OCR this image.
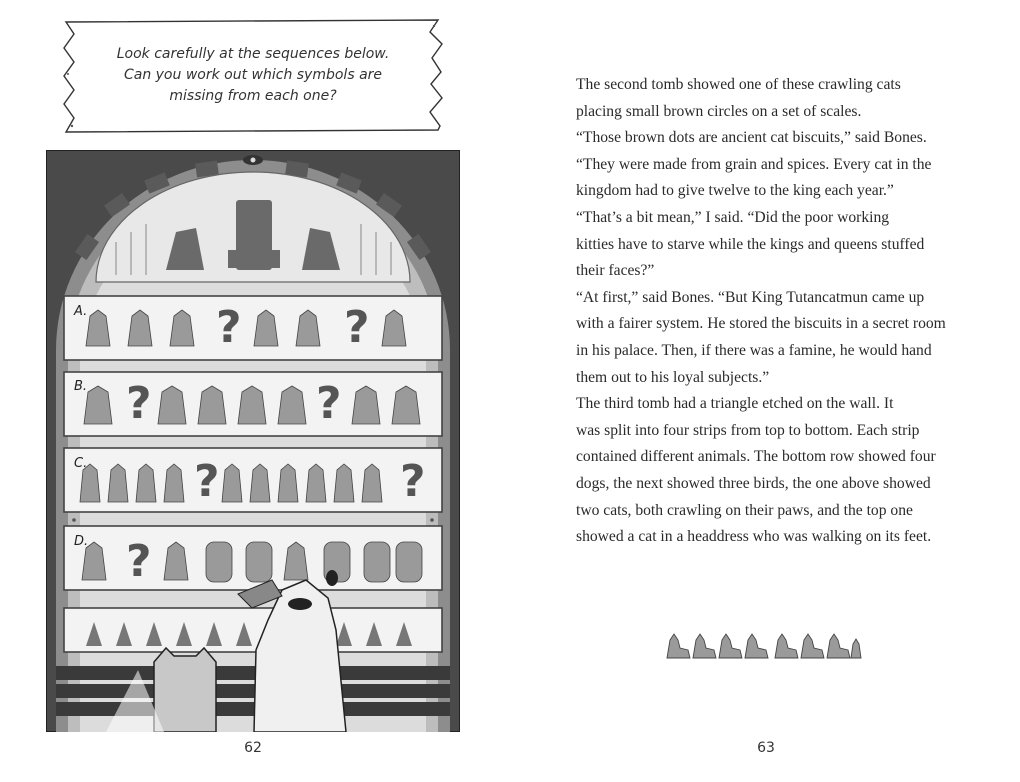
Look carefully at the sequences below.
Can you work out which symbols are
missing from each one?
A.
B.
C.
D.
? ?
?	?
?	?
?
62

The second tomb showed one of these crawling cats
placing small brown circles on a set of scales.

“Those brown dots are ancient cat biscuits,” said Bones.
“They were made from grain and spices. Every cat in the
kingdom had to give twelve to the king each year.”

“That’s a bit mean,” I said. “Did the poor working
kitties have to starve while the kings and queens stuffed
their faces?”

“At first,” said Bones. “But King Tutancatmun came up
with a fairer system. He stored the biscuits in a secret room
in his palace. Then, if there was a famine, he would hand
them out to his loyal subjects.”

The third tomb had a triangle etched on the wall. It
was split into four strips from top to bottom. Each strip
contained different animals. The bottom row showed four
dogs, the next showed three birds, the one above showed
two cats, both crawling on their paws, and the top one
showed a cat in a headdress who was walking on its feet.

63
